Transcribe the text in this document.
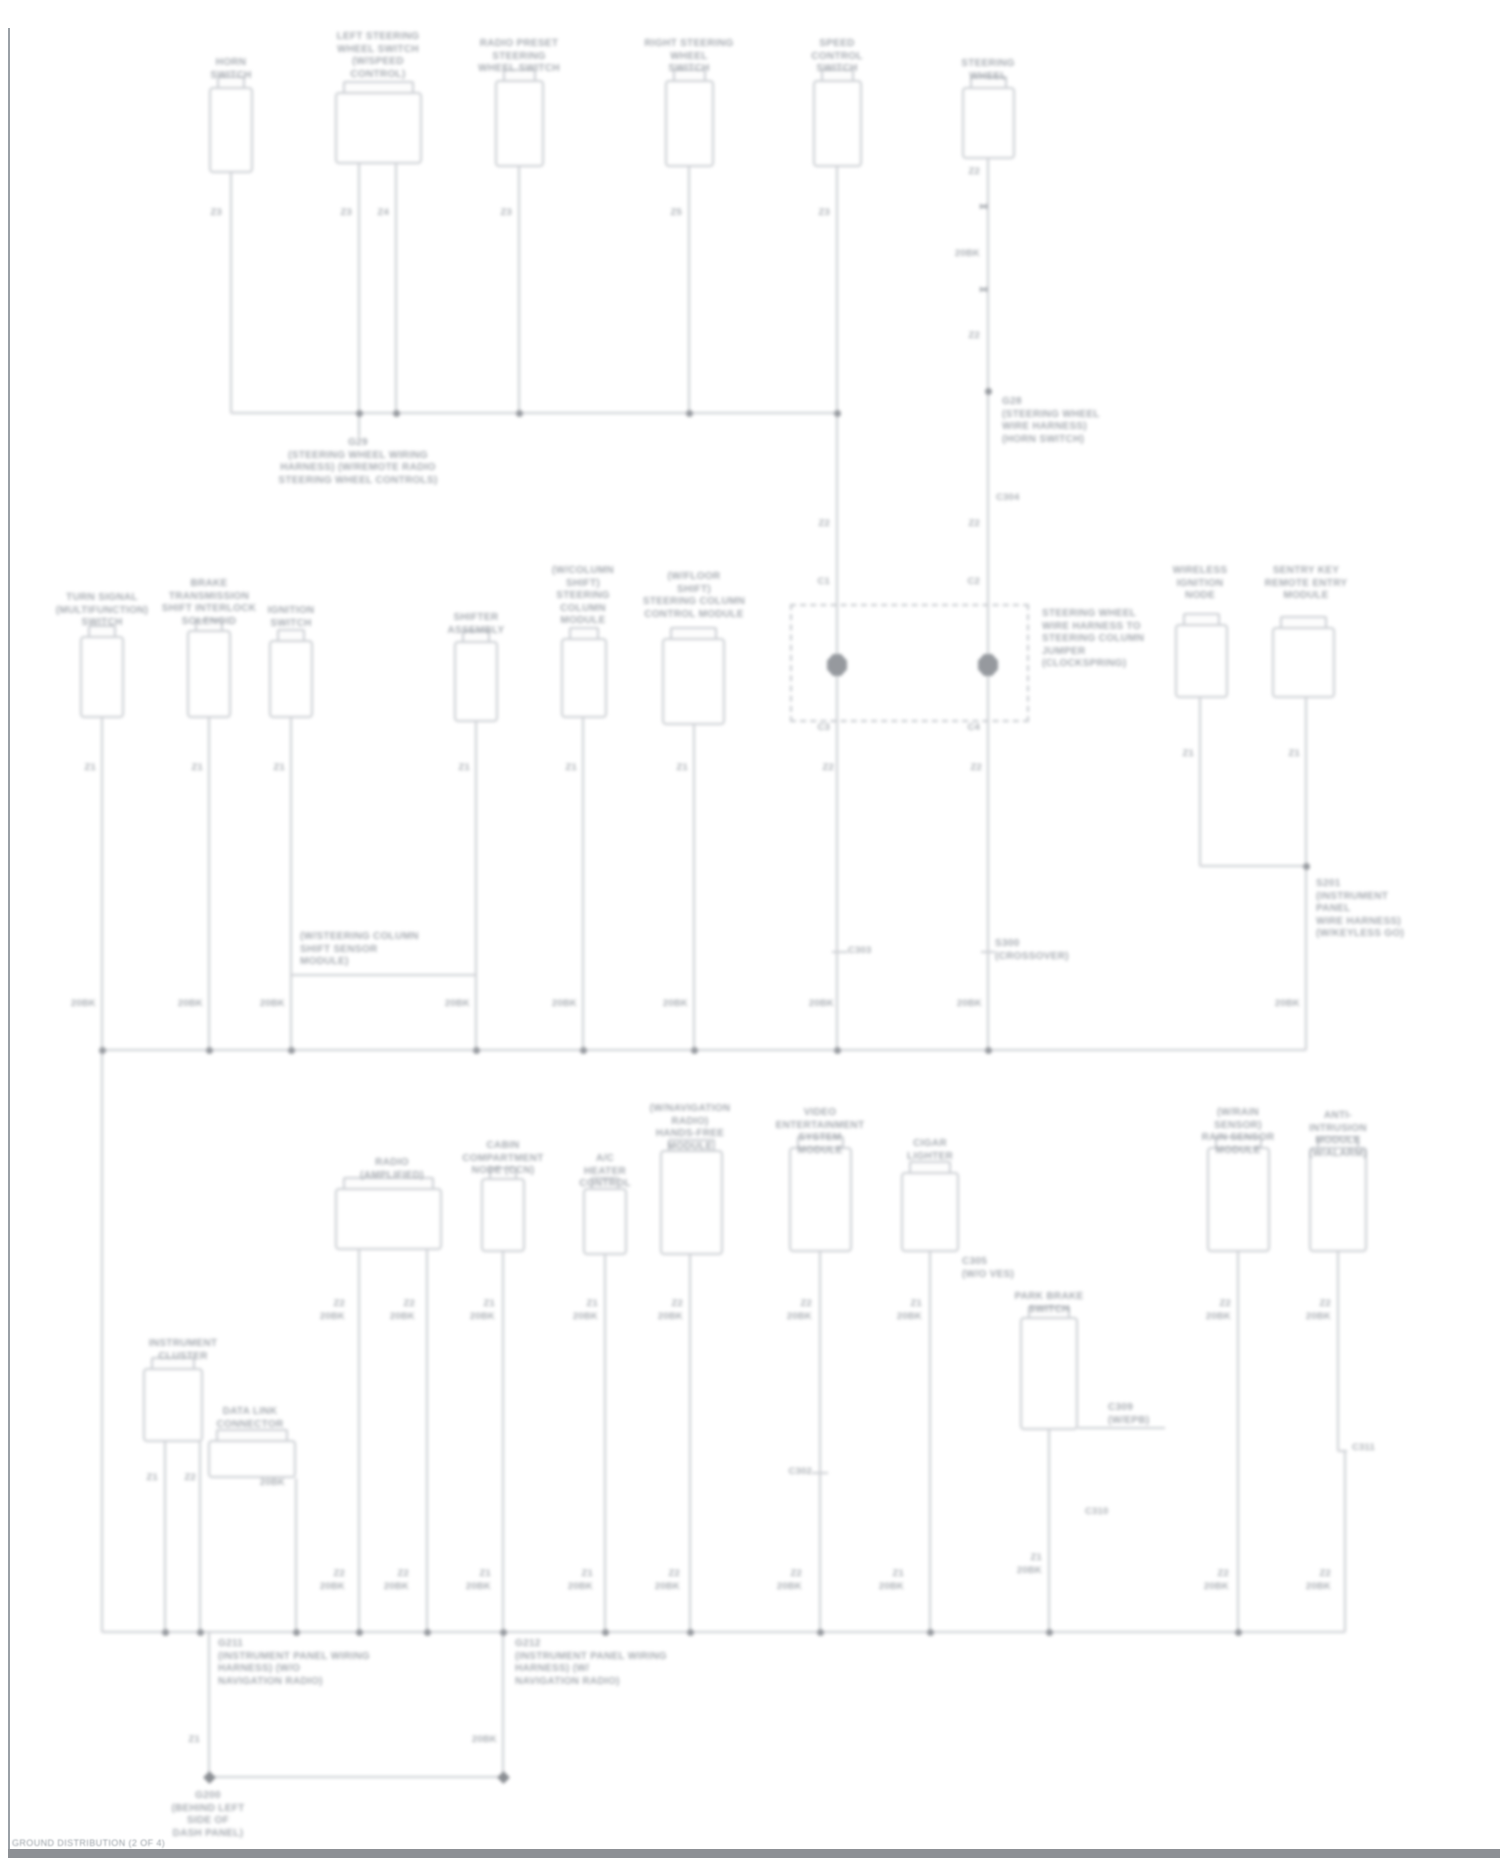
▸◂
▸◂
HORN
SWITCH
LEFT STEERING
WHEEL SWITCH
(W/SPEED
CONTROL)
RADIO PRESET
STEERING
WHEEL SWITCH
RIGHT STEERING
WHEEL
SWITCH
SPEED
CONTROL
SWITCH	STEERING
WHEEL
TURN SIGNAL
(MULTIFUNCTION)
SWITCH
BRAKE
TRANSMISSION
SHIFT INTERLOCK
SOLENOID
IGNITION
SWITCH	SHIFTER
ASSEMBLY
(W/COLUMN
SHIFT)
STEERING
COLUMN
MODULE
(W/FLOOR
SHIFT)
STEERING COLUMN
CONTROL MODULE
WIRELESS
IGNITION
NODE
SENTRY KEY
REMOTE ENTRY
MODULE
INSTRUMENT
CLUSTER
DATA LINK
CONNECTOR
RADIO
(AMPLIFIED)
CABIN
COMPARTMENT
NODE (CCN)
A/C
HEATER
CONTROL
(W/NAVIGATION
RADIO)
HANDS-FREE
MODULE
VIDEO
ENTERTAINMENT
SYSTEM
MODULE
CIGAR
LIGHTER
PARK BRAKE
SWITCH
(W/RAIN
SENSOR)
RAIN SENSOR
MODULE
ANTI-
INTRUSION
MODULE
(W/ALARM)
Z3	Z3	Z4	Z3	Z5	Z3
Z2
20BK
Z2
C304
Z2	Z2
C1	C2
C3	C4
Z1	Z1
Z1	Z1	Z1	Z1	Z1	Z1	Z2	Z2
C303
20BK	20BK	20BK	20BK	20BK	20BK	20BK	20BK	20BK
Z2
20BK
Z2
20BK
Z1
20BK
Z1
20BK
Z2
20BK
Z2
20BK
Z1
20BK
Z2
20BK
Z2
20BK
C311
C302
Z1	Z2	20BK
C310
Z1
20BK
Z2
20BK
Z2
20BK
Z1
20BK
Z1
20BK
Z2
20BK
Z2
20BK
Z1
20BK
Z2
20BK
Z2
20BK
Z1	20BK
G29
(STEERING WHEEL WIRING
HARNESS) (W/REMOTE RADIO
STEERING WHEEL CONTROLS)
G28
(STEERING WHEEL
WIRE HARNESS)
(HORN SWITCH)
STEERING WHEEL
WIRE HARNESS TO
STEERING COLUMN
JUMPER
(CLOCKSPRING)
(W/STEERING COLUMN
SHIFT SENSOR
MODULE)
S300
(CROSSOVER)
S201
(INSTRUMENT PANEL
WIRE HARNESS)
(W/KEYLESS GO)
C309
(W/EPB)
C305
(W/O VES)
G211
(INSTRUMENT PANEL WIRING
HARNESS) (W/O
NAVIGATION RADIO)
G212
(INSTRUMENT PANEL WIRING
HARNESS) (W/
NAVIGATION RADIO)
G200
(BEHIND LEFT
SIDE OF
DASH PANEL)
GROUND DISTRIBUTION (2 OF 4)
